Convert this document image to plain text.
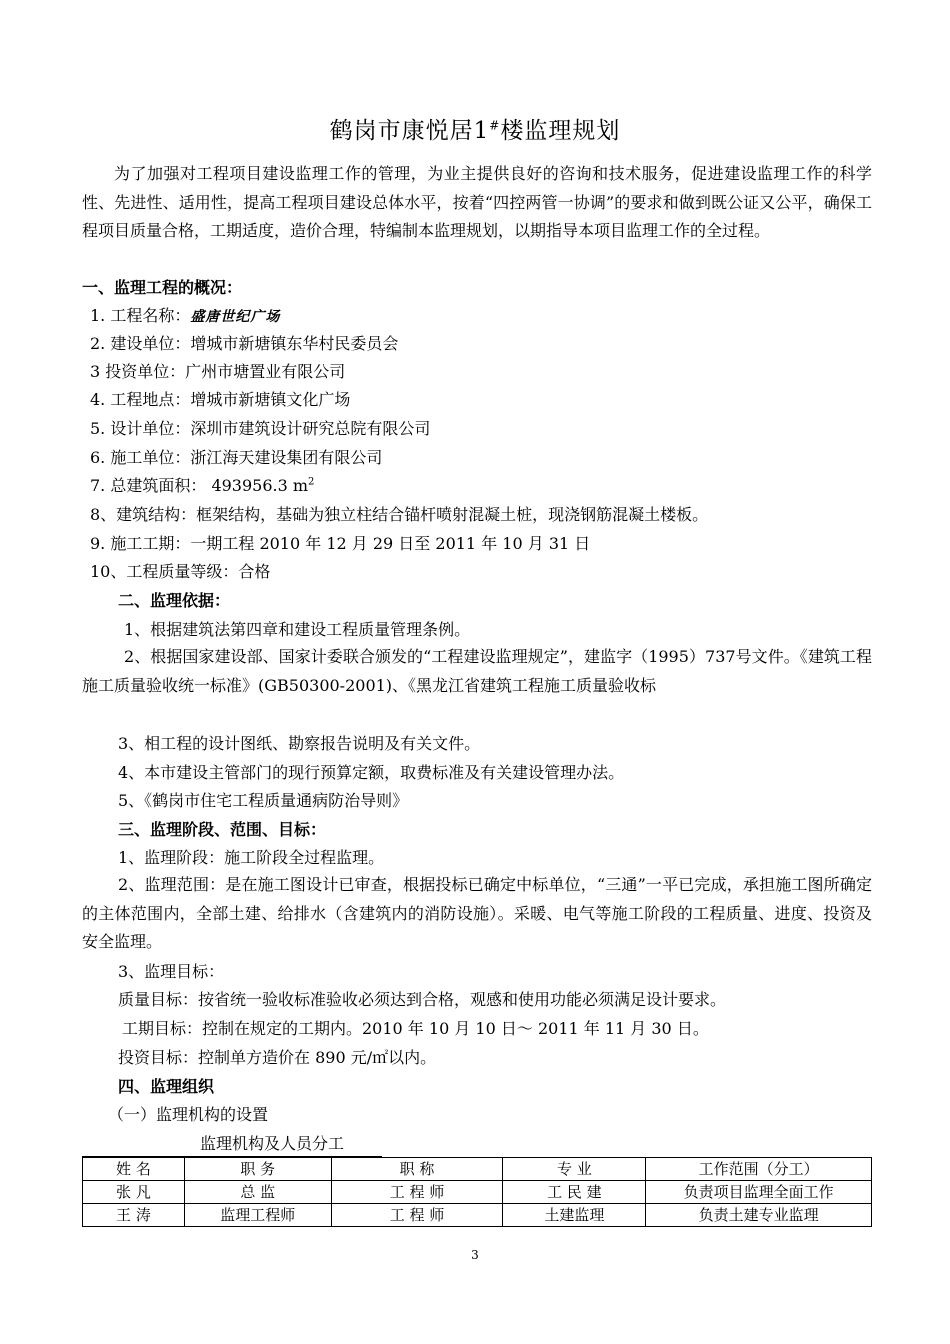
鹤岗市康悦居1#楼监理规划
为了加强对工程项目建设监理工作的管理，为业主提供良好的咨询和技术服务，促进建设监理工作的科学性、先进性、适用性，提高工程项目建设总体水平，按着“四控两管一协调”的要求和做到既公证又公平，确保工程项目质量合格，工期适度，造价合理，特编制本监理规划，以期指导本项目监理工作的全过程。
一、监理工程的概况：
1. 工程名称：盛唐世纪广场
2. 建设单位：增城市新塘镇东华村民委员会
3 投资单位：广州市塘置业有限公司
4. 工程地点：增城市新塘镇文化广场
5. 设计单位：深圳市建筑设计研究总院有限公司
6. 施工单位：浙江海天建设集团有限公司
7. 总建筑面积： 493956.3 $m^2$
8、建筑结构：框架结构，基础为独立柱结合锚杆喷射混凝土桩，现浇钢筋混凝土楼板。
9. 施工工期：一期工程 2010 年 12 月 29 日至 2011 年 10 月 31 日
10、工程质量等级：合格
二、监理依据：
1、根据建筑法第四章和建设工程质量管理条例。
2、根据国家建设部、国家计委联合颁发的“工程建设监理规定”，建监字（1995）737号文件。《建筑工程施工质量验收统一标准》(GB50300-2001)、《黑龙江省建筑工程施工质量验收标
3、相工程的设计图纸、勘察报告说明及有关文件。
4、本市建设主管部门的现行预算定额，取费标准及有关建设管理办法。
5、《鹤岗市住宅工程质量通病防治导则》
三、监理阶段、范围、目标：
1、监理阶段：施工阶段全过程监理。
2、监理范围：是在施工图设计已审查，根据投标已确定中标单位，“三通”一平已完成，承担施工图所确定的主体范围内，全部土建、给排水（含建筑内的消防设施）。采暖、电气等施工阶段的工程质量、进度、投资及安全监理。
3、监理目标：
质量目标：按省统一验收标准验收必须达到合格，观感和使用功能必须满足设计要求。
工期目标：控制在规定的工期内。2010 年 10 月 10 日～ 2011 年 11 月 30 日。
投资目标：控制单方造价在 890 元/㎡以内。
四、监理组织
（一）监理机构的设置
监理机构及人员分工
姓 名	职 务	职 称	专 业	工作范围（分工）
张 凡	总 监	工 程 师	工 民 建	负责项目监理全面工作
王 涛	监理工程师	工 程 师	土建监理	负责土建专业监理
3
